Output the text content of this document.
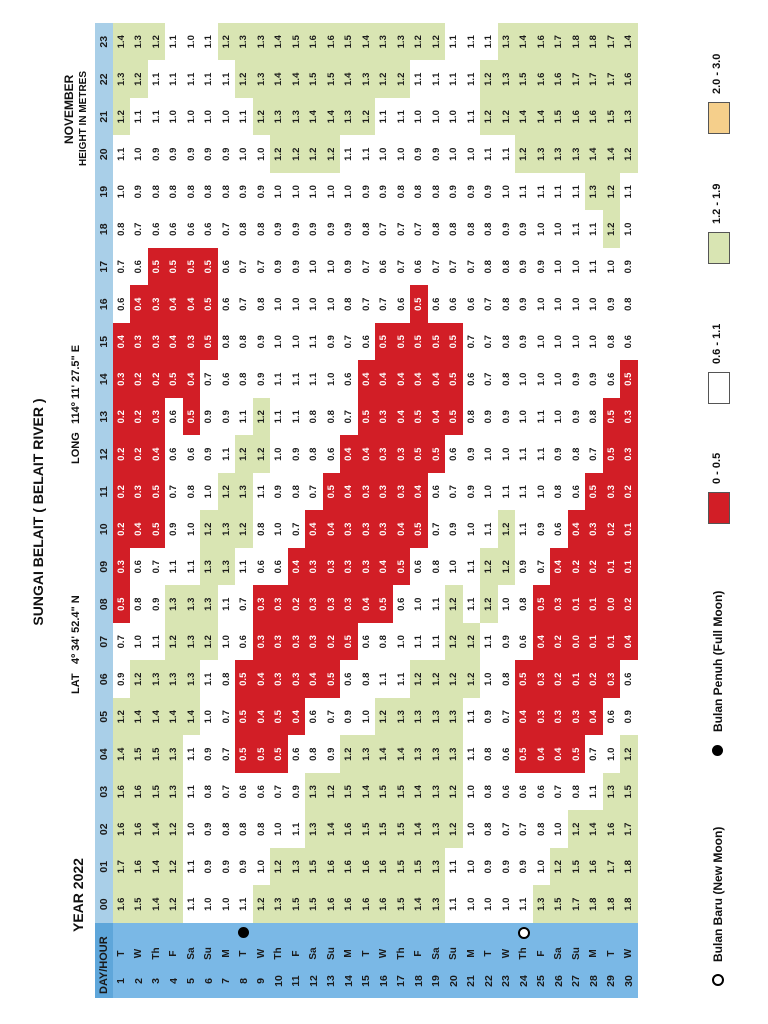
SUNGAI BELAIT ( BELAIT RIVER )
YEAR 2022
LAT
4º 34' 52.4" N
LONG
114º 11' 27.5" E
NOVEMBER HEIGHT IN METRES
DAY/HOUR			00	01	02	03	04	05	06	07	08	09	10	11	12	13	14	15	16	17	18	19	20	21	22	23
1	T		1.6	1.7	1.6	1.6	1.4	1.2	0.9	0.7	0.5	0.3	0.2	0.2	0.2	0.2	0.3	0.4	0.6	0.7	0.8	1.0	1.1	1.2	1.3	1.4
2	W		1.5	1.6	1.6	1.6	1.5	1.4	1.2	1.0	0.8	0.6	0.4	0.3	0.2	0.2	0.2	0.3	0.4	0.6	0.7	0.9	1.0	1.1	1.2	1.3
3	Th		1.4	1.4	1.4	1.5	1.5	1.4	1.3	1.1	0.9	0.7	0.5	0.5	0.4	0.3	0.2	0.3	0.3	0.5	0.6	0.8	0.9	1.1	1.1	1.2
4	F		1.2	1.2	1.2	1.3	1.3	1.4	1.3	1.2	1.3	1.1	0.9	0.7	0.6	0.6	0.5	0.4	0.4	0.5	0.6	0.8	0.9	1.0	1.1	1.1
5	Sa		1.1	1.1	1.0	1.1	1.1	1.4	1.3	1.3	1.3	1.1	1.0	0.8	0.6	0.5	0.4	0.3	0.4	0.5	0.6	0.8	0.9	1.0	1.1	1.0
6	Su		1.0	0.9	0.9	0.8	0.9	1.0	1.1	1.2	1.3	1.3	1.2	1.0	0.9	0.9	0.7	0.5	0.5	0.5	0.6	0.8	0.9	1.0	1.1	1.1
7	M		1.0	0.9	0.8	0.7	0.7	0.7	0.8	1.0	1.1	1.3	1.3	1.2	1.1	0.9	0.6	0.8	0.6	0.6	0.7	0.8	0.9	1.0	1.1	1.2
8	T		1.1	0.9	0.8	0.6	0.5	0.5	0.5	0.6	0.7	1.1	1.2	1.3	1.2	1.1	0.8	0.8	0.7	0.7	0.8	0.9	1.0	1.1	1.2	1.3
9	W		1.2	1.0	0.8	0.6	0.5	0.4	0.4	0.3	0.3	0.6	0.8	1.1	1.2	1.2	0.9	0.9	0.8	0.7	0.8	0.9	1.0	1.2	1.3	1.3
10	Th		1.3	1.2	1.0	0.7	0.5	0.5	0.3	0.3	0.3	0.6	1.0	0.9	1.0	1.1	1.1	1.0	1.0	0.9	0.9	1.0	1.2	1.3	1.4	1.4
11	F		1.5	1.3	1.1	0.9	0.6	0.4	0.3	0.3	0.2	0.4	0.7	0.8	0.9	1.1	1.1	1.0	1.0	0.9	0.9	1.0	1.2	1.3	1.4	1.5
12	Sa		1.5	1.5	1.3	1.3	0.8	0.6	0.4	0.3	0.3	0.3	0.4	0.7	0.8	0.8	1.1	1.1	1.0	1.0	0.9	1.0	1.2	1.4	1.5	1.6
13	Su		1.6	1.6	1.4	1.2	0.9	0.7	0.5	0.2	0.3	0.3	0.4	0.5	0.6	0.8	1.0	0.9	1.0	1.0	0.9	1.0	1.2	1.4	1.5	1.6
14	M		1.6	1.6	1.6	1.5	1.2	0.9	0.6	0.5	0.3	0.3	0.3	0.4	0.4	0.7	0.6	0.7	0.8	0.9	0.9	1.0	1.1	1.3	1.4	1.5
15	T		1.6	1.6	1.5	1.4	1.3	1.0	0.8	0.6	0.4	0.3	0.3	0.3	0.4	0.5	0.4	0.6	0.7	0.7	0.8	0.9	1.1	1.2	1.3	1.4
16	W		1.6	1.6	1.5	1.5	1.4	1.2	1.1	0.8	0.5	0.4	0.3	0.3	0.3	0.3	0.4	0.5	0.7	0.6	0.7	0.9	1.0	1.1	1.2	1.3
17	Th		1.5	1.5	1.5	1.5	1.4	1.3	1.1	1.0	0.6	0.5	0.4	0.3	0.3	0.4	0.4	0.5	0.6	0.7	0.7	0.8	1.0	1.1	1.2	1.3
18	F		1.4	1.5	1.4	1.4	1.3	1.3	1.2	1.1	1.0	0.6	0.5	0.4	0.5	0.5	0.4	0.5	0.5	0.6	0.7	0.8	0.9	1.0	1.1	1.2
19	Sa		1.3	1.3	1.3	1.3	1.3	1.3	1.2	1.1	1.1	0.8	0.7	0.6	0.5	0.4	0.4	0.5	0.6	0.7	0.8	0.8	0.9	1.0	1.1	1.2
20	Su		1.1	1.1	1.2	1.2	1.3	1.3	1.2	1.2	1.2	1.0	0.9	0.7	0.6	0.5	0.5	0.5	0.6	0.7	0.8	0.9	1.0	1.0	1.1	1.1
21	M		1.0	1.0	1.0	1.0	1.1	1.1	1.2	1.2	1.1	1.1	1.0	0.9	0.9	0.8	0.6	0.7	0.6	0.7	0.8	0.9	1.0	1.1	1.1	1.1
22	T		1.0	0.9	0.8	0.8	0.8	0.9	1.0	1.1	1.2	1.2	1.1	1.0	1.0	0.9	0.7	0.7	0.7	0.8	0.8	0.9	1.1	1.2	1.2	1.1
23	W		1.0	0.9	0.7	0.6	0.6	0.7	0.8	0.9	1.0	1.2	1.2	1.1	1.0	0.9	0.8	0.8	0.8	0.8	0.9	1.0	1.1	1.2	1.3	1.3
24	Th		1.1	0.9	0.7	0.6	0.5	0.4	0.5	0.6	0.8	0.9	1.1	1.1	1.1	1.0	1.0	0.9	0.9	0.9	0.9	1.1	1.2	1.4	1.5	1.4
25	F		1.3	1.0	0.8	0.6	0.4	0.3	0.3	0.4	0.5	0.7	0.9	1.0	1.1	1.1	1.0	1.0	1.0	0.9	1.0	1.1	1.3	1.4	1.6	1.6
26	Sa		1.5	1.2	1.0	0.7	0.4	0.3	0.2	0.2	0.3	0.4	0.6	0.8	0.9	1.0	1.0	1.0	1.0	1.0	1.0	1.1	1.3	1.5	1.6	1.7
27	Su		1.7	1.5	1.2	0.8	0.5	0.3	0.1	0.0	0.1	0.2	0.4	0.6	0.8	0.9	0.9	1.0	1.0	1.0	1.1	1.1	1.3	1.6	1.7	1.8
28	M		1.8	1.6	1.4	1.1	0.7	0.4	0.2	0.1	0.1	0.2	0.3	0.5	0.7	0.8	0.9	1.0	1.0	1.1	1.1	1.3	1.4	1.6	1.7	1.8
29	T		1.8	1.7	1.6	1.3	1.0	0.6	0.3	0.1	0.0	0.1	0.2	0.3	0.5	0.5	0.6	0.8	0.9	1.0	1.2	1.2	1.4	1.5	1.7	1.7
30	W		1.8	1.8	1.7	1.5	1.2	0.9	0.6	0.4	0.2	0.1	0.1	0.2	0.3	0.3	0.5	0.6	0.8	0.9	1.0	1.1	1.2	1.3	1.6	1.4
Bulan Baru (New Moon)
Bulan Penuh (Full Moon)
0 - 0.5
0.6 - 1.1
1.2 - 1.9
2.0 - 3.0
